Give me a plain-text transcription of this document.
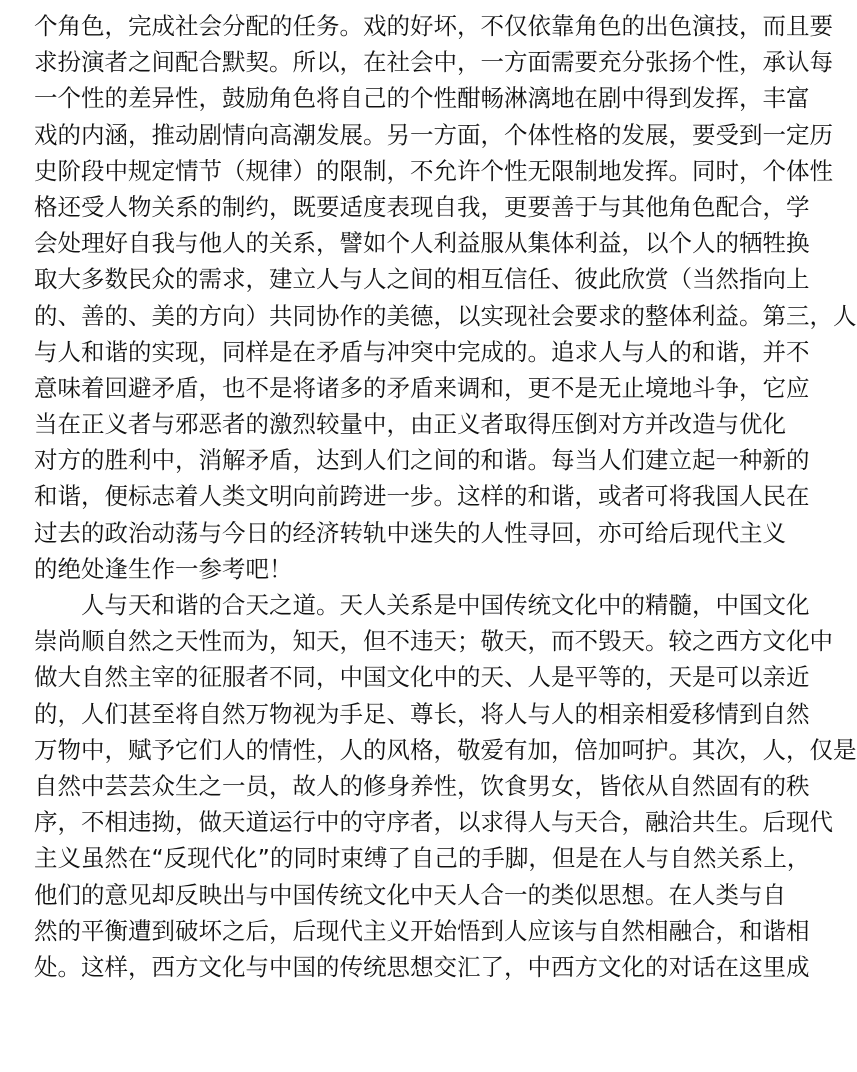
个角色，完成社会分配的任务。戏的好坏，不仅依靠角色的出色演技，而且要
求扮演者之间配合默契。所以，在社会中，一方面需要充分张扬个性，承认每
一个性的差异性，鼓励角色将自己的个性酣畅淋漓地在剧中得到发挥，丰富
戏的内涵，推动剧情向高潮发展。另一方面，个体性格的发展，要受到一定历
史阶段中规定情节（规律）的限制，不允许个性无限制地发挥。同时，个体性
格还受人物关系的制约，既要适度表现自我，更要善于与其他角色配合，学
会处理好自我与他人的关系，譬如个人利益服从集体利益，以个人的牺牲换
取大多数民众的需求，建立人与人之间的相互信任、彼此欣赏（当然指向上
的、善的、美的方向）共同协作的美德，以实现社会要求的整体利益。第三，人
与人和谐的实现，同样是在矛盾与冲突中完成的。追求人与人的和谐，并不
意味着回避矛盾，也不是将诸多的矛盾来调和，更不是无止境地斗争，它应
当在正义者与邪恶者的激烈较量中，由正义者取得压倒对方并改造与优化
对方的胜利中，消解矛盾，达到人们之间的和谐。每当人们建立起一种新的
和谐，便标志着人类文明向前跨进一步。这样的和谐，或者可将我国人民在
过去的政治动荡与今日的经济转轨中迷失的人性寻回，亦可给后现代主义
的绝处逢生作一参考吧！
人与天和谐的合天之道。天人关系是中国传统文化中的精髓，中国文化
崇尚顺自然之天性而为，知天，但不违天；敬天，而不毁天。较之西方文化中
做大自然主宰的征服者不同，中国文化中的天、人是平等的，天是可以亲近
的，人们甚至将自然万物视为手足、尊长，将人与人的相亲相爱移情到自然
万物中，赋予它们人的情性，人的风格，敬爱有加，倍加呵护。其次，人，仅是
自然中芸芸众生之一员，故人的修身养性，饮食男女，皆依从自然固有的秩
序，不相违拗，做天道运行中的守序者，以求得人与天合，融洽共生。后现代
主义虽然在“反现代化”的同时束缚了自己的手脚，但是在人与自然关系上，
他们的意见却反映出与中国传统文化中天人合一的类似思想。在人类与自
然的平衡遭到破坏之后，后现代主义开始悟到人应该与自然相融合，和谐相
处。这样，西方文化与中国的传统思想交汇了，中西方文化的对话在这里成
